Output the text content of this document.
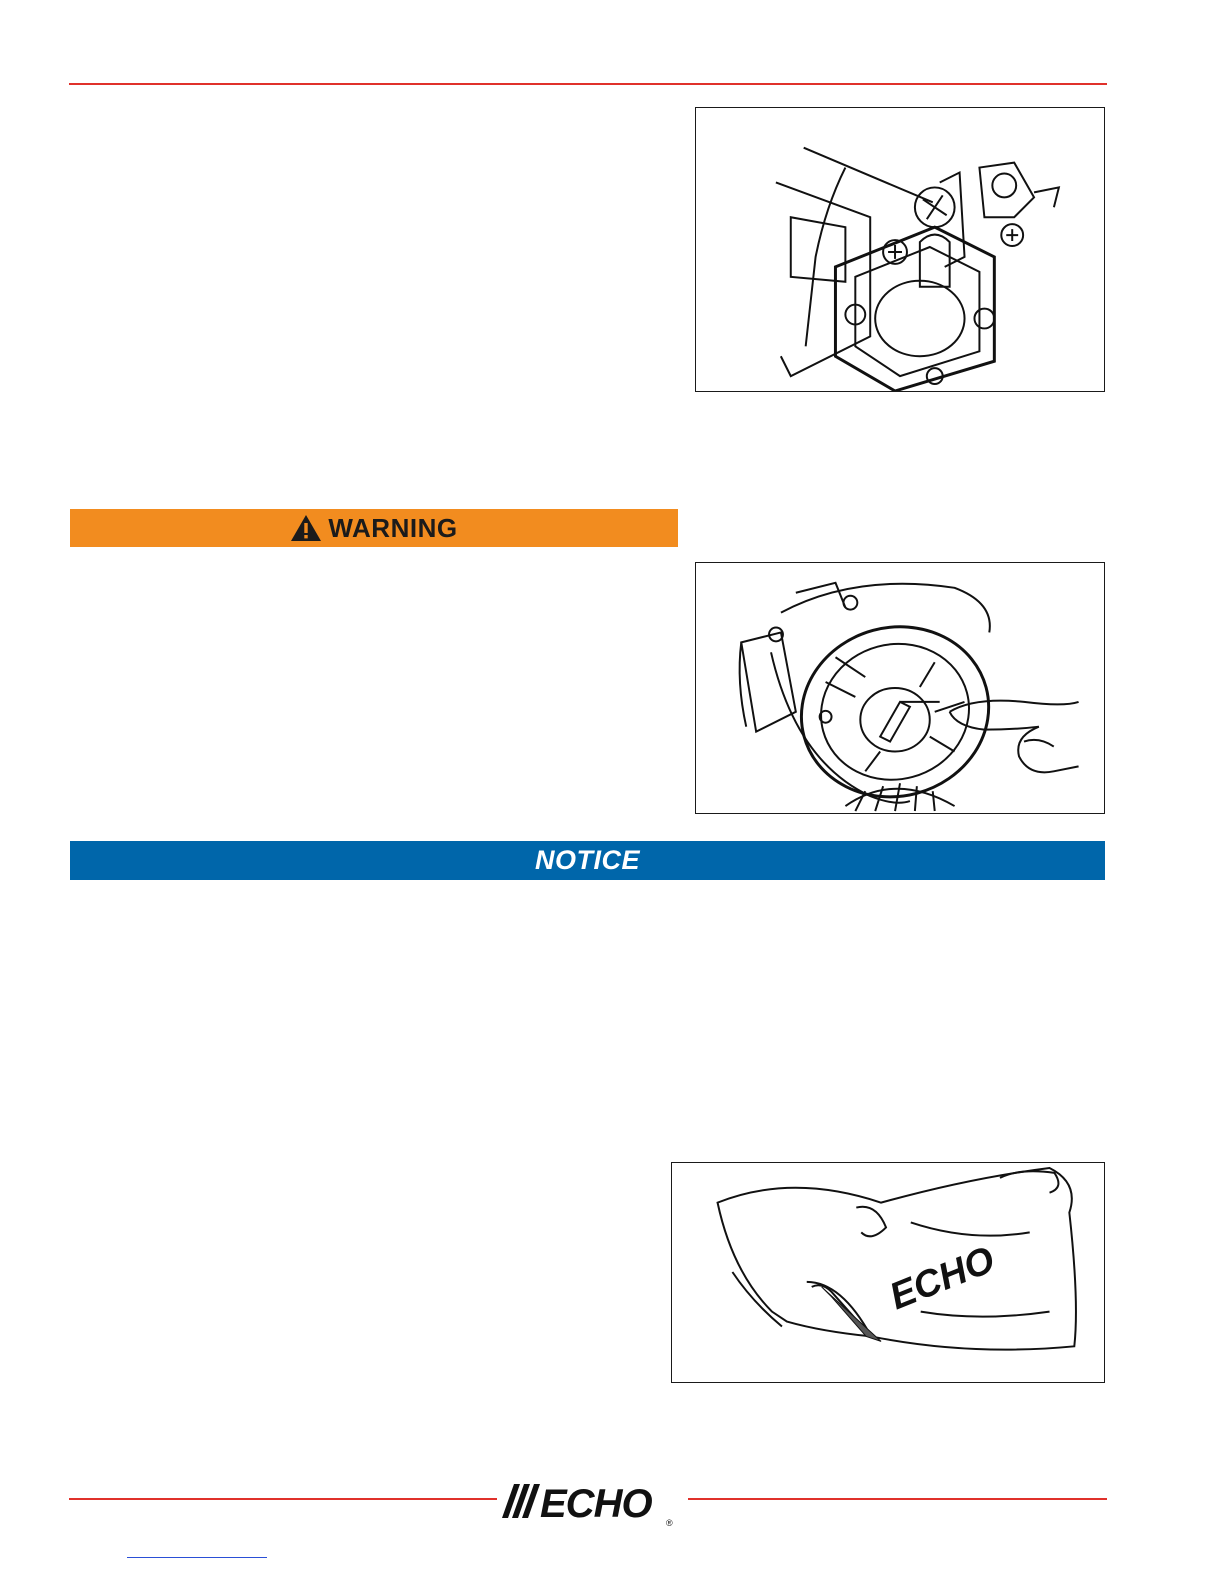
WARNING
NOTICE
ECHO
ECHO ®
